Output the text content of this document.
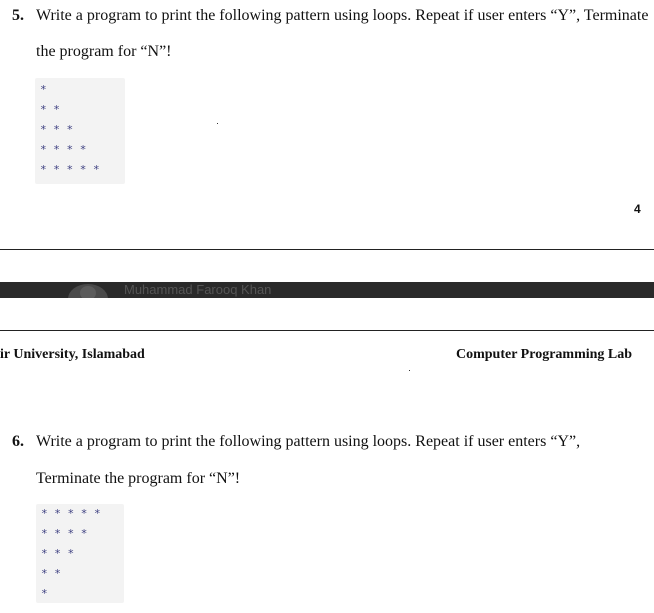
5. Write a program to print the following pattern using loops. Repeat if user enters “Y”, Terminate
the program for “N”!
*
* *
* * *
* * * *
* * * * *
4
Muhammad Farooq Khan
ir University, Islamabad	Computer Programming Lab
6. Write a program to print the following pattern using loops. Repeat if user enters “Y”,
Terminate the program for “N”!
* * * * *
* * * *
* * *
* *
*
